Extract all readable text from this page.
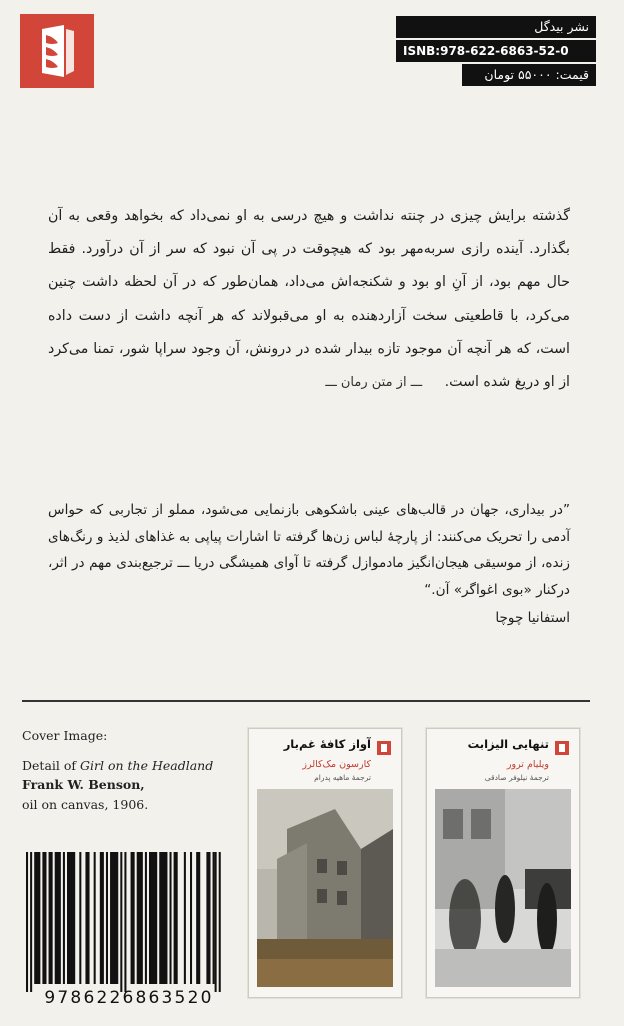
نشر بیدگل
ISNB:978-622-6863-52-0
قیمت: ۵۵۰۰۰ تومان
گذشته برایش چیزی در چنته نداشت و هیچ درسی به او نمی‌داد که بخواهد وقعی به آن بگذارد. آینده رازی سربه‌مهر بود که هیچوقت در پی آن نبود که سر از آن درآورد. فقط حال مهم بود، از آنِ او بود و شکنجه‌اش می‌داد، همان‌طور که در آن لحظه داشت چنین می‌کرد، با قاطعیتی سخت آزاردهنده به او می‌قبولاند که هر آنچه داشت از دست داده است، که هر آنچه آن موجود تازه بیدار شده در درونش، آن وجود سراپا شور، تمنا می‌کرد از او دریغ شده است. ـــ از متن رمان ـــ
”در بیداری، جهان در قالب‌های عینی باشکوهی بازنمایی می‌شود، مملو از تجاربی که حواس آدمی را تحریک می‌کنند: از پارچهٔ لباس زن‌ها گرفته تا اشارات پیاپی به غذاهای لذیذ و رنگ‌های زنده، از موسیقی هیجان‌انگیز مادموازل گرفته تا آوای همیشگی دریا ـــ ترجیع‌بندی مهم در اثر، درکنار «بوی اغواگر» آن.“
استفانیا چوچا
Cover Image:
Detail of Girl on the Headland
Frank W. Benson,
oil on canvas, 1906.
9786226863520
آواز کافهٔ غم‌بار
کارسون مک‌کالرز
ترجمهٔ ماهیه پدرام
تنهایی الیزابت
ویلیام ترور
ترجمهٔ نیلوفر صادقی
